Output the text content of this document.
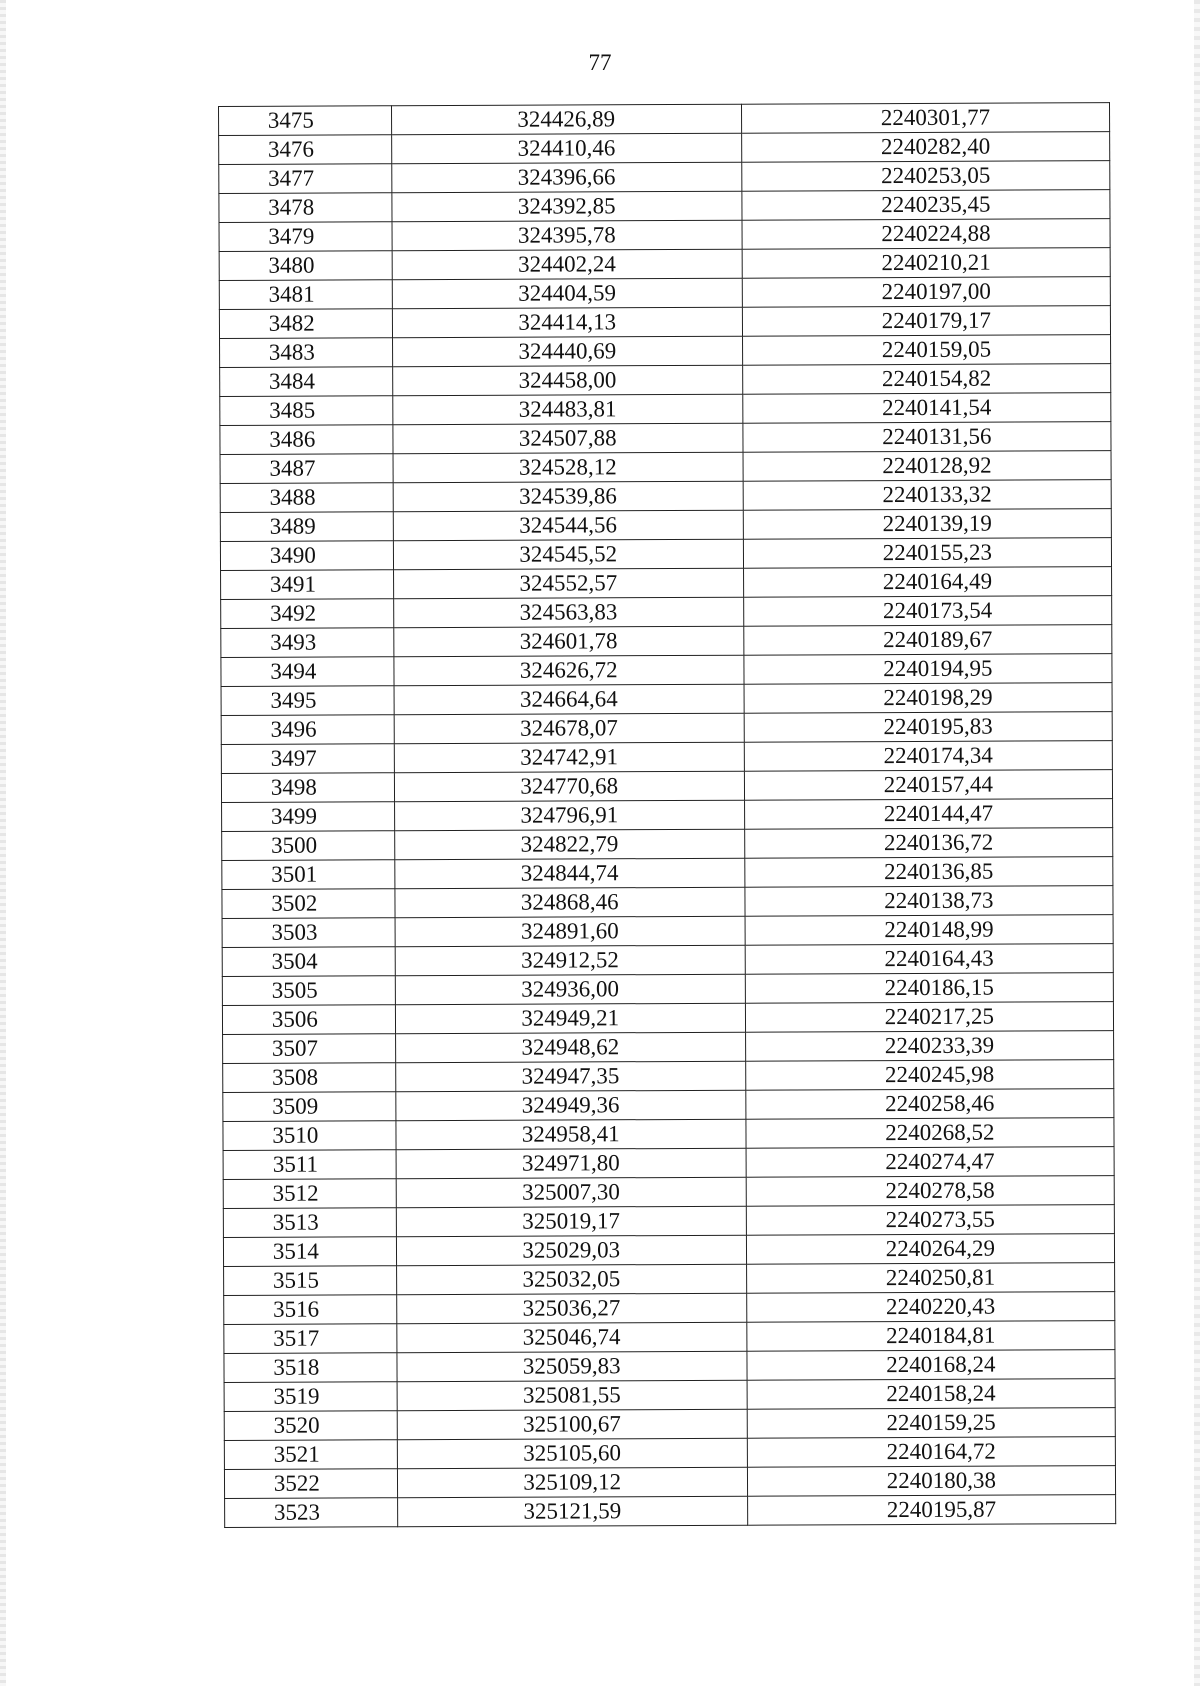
77
3475	324426,89	2240301,77
3476	324410,46	2240282,40
3477	324396,66	2240253,05
3478	324392,85	2240235,45
3479	324395,78	2240224,88
3480	324402,24	2240210,21
3481	324404,59	2240197,00
3482	324414,13	2240179,17
3483	324440,69	2240159,05
3484	324458,00	2240154,82
3485	324483,81	2240141,54
3486	324507,88	2240131,56
3487	324528,12	2240128,92
3488	324539,86	2240133,32
3489	324544,56	2240139,19
3490	324545,52	2240155,23
3491	324552,57	2240164,49
3492	324563,83	2240173,54
3493	324601,78	2240189,67
3494	324626,72	2240194,95
3495	324664,64	2240198,29
3496	324678,07	2240195,83
3497	324742,91	2240174,34
3498	324770,68	2240157,44
3499	324796,91	2240144,47
3500	324822,79	2240136,72
3501	324844,74	2240136,85
3502	324868,46	2240138,73
3503	324891,60	2240148,99
3504	324912,52	2240164,43
3505	324936,00	2240186,15
3506	324949,21	2240217,25
3507	324948,62	2240233,39
3508	324947,35	2240245,98
3509	324949,36	2240258,46
3510	324958,41	2240268,52
3511	324971,80	2240274,47
3512	325007,30	2240278,58
3513	325019,17	2240273,55
3514	325029,03	2240264,29
3515	325032,05	2240250,81
3516	325036,27	2240220,43
3517	325046,74	2240184,81
3518	325059,83	2240168,24
3519	325081,55	2240158,24
3520	325100,67	2240159,25
3521	325105,60	2240164,72
3522	325109,12	2240180,38
3523	325121,59	2240195,87
